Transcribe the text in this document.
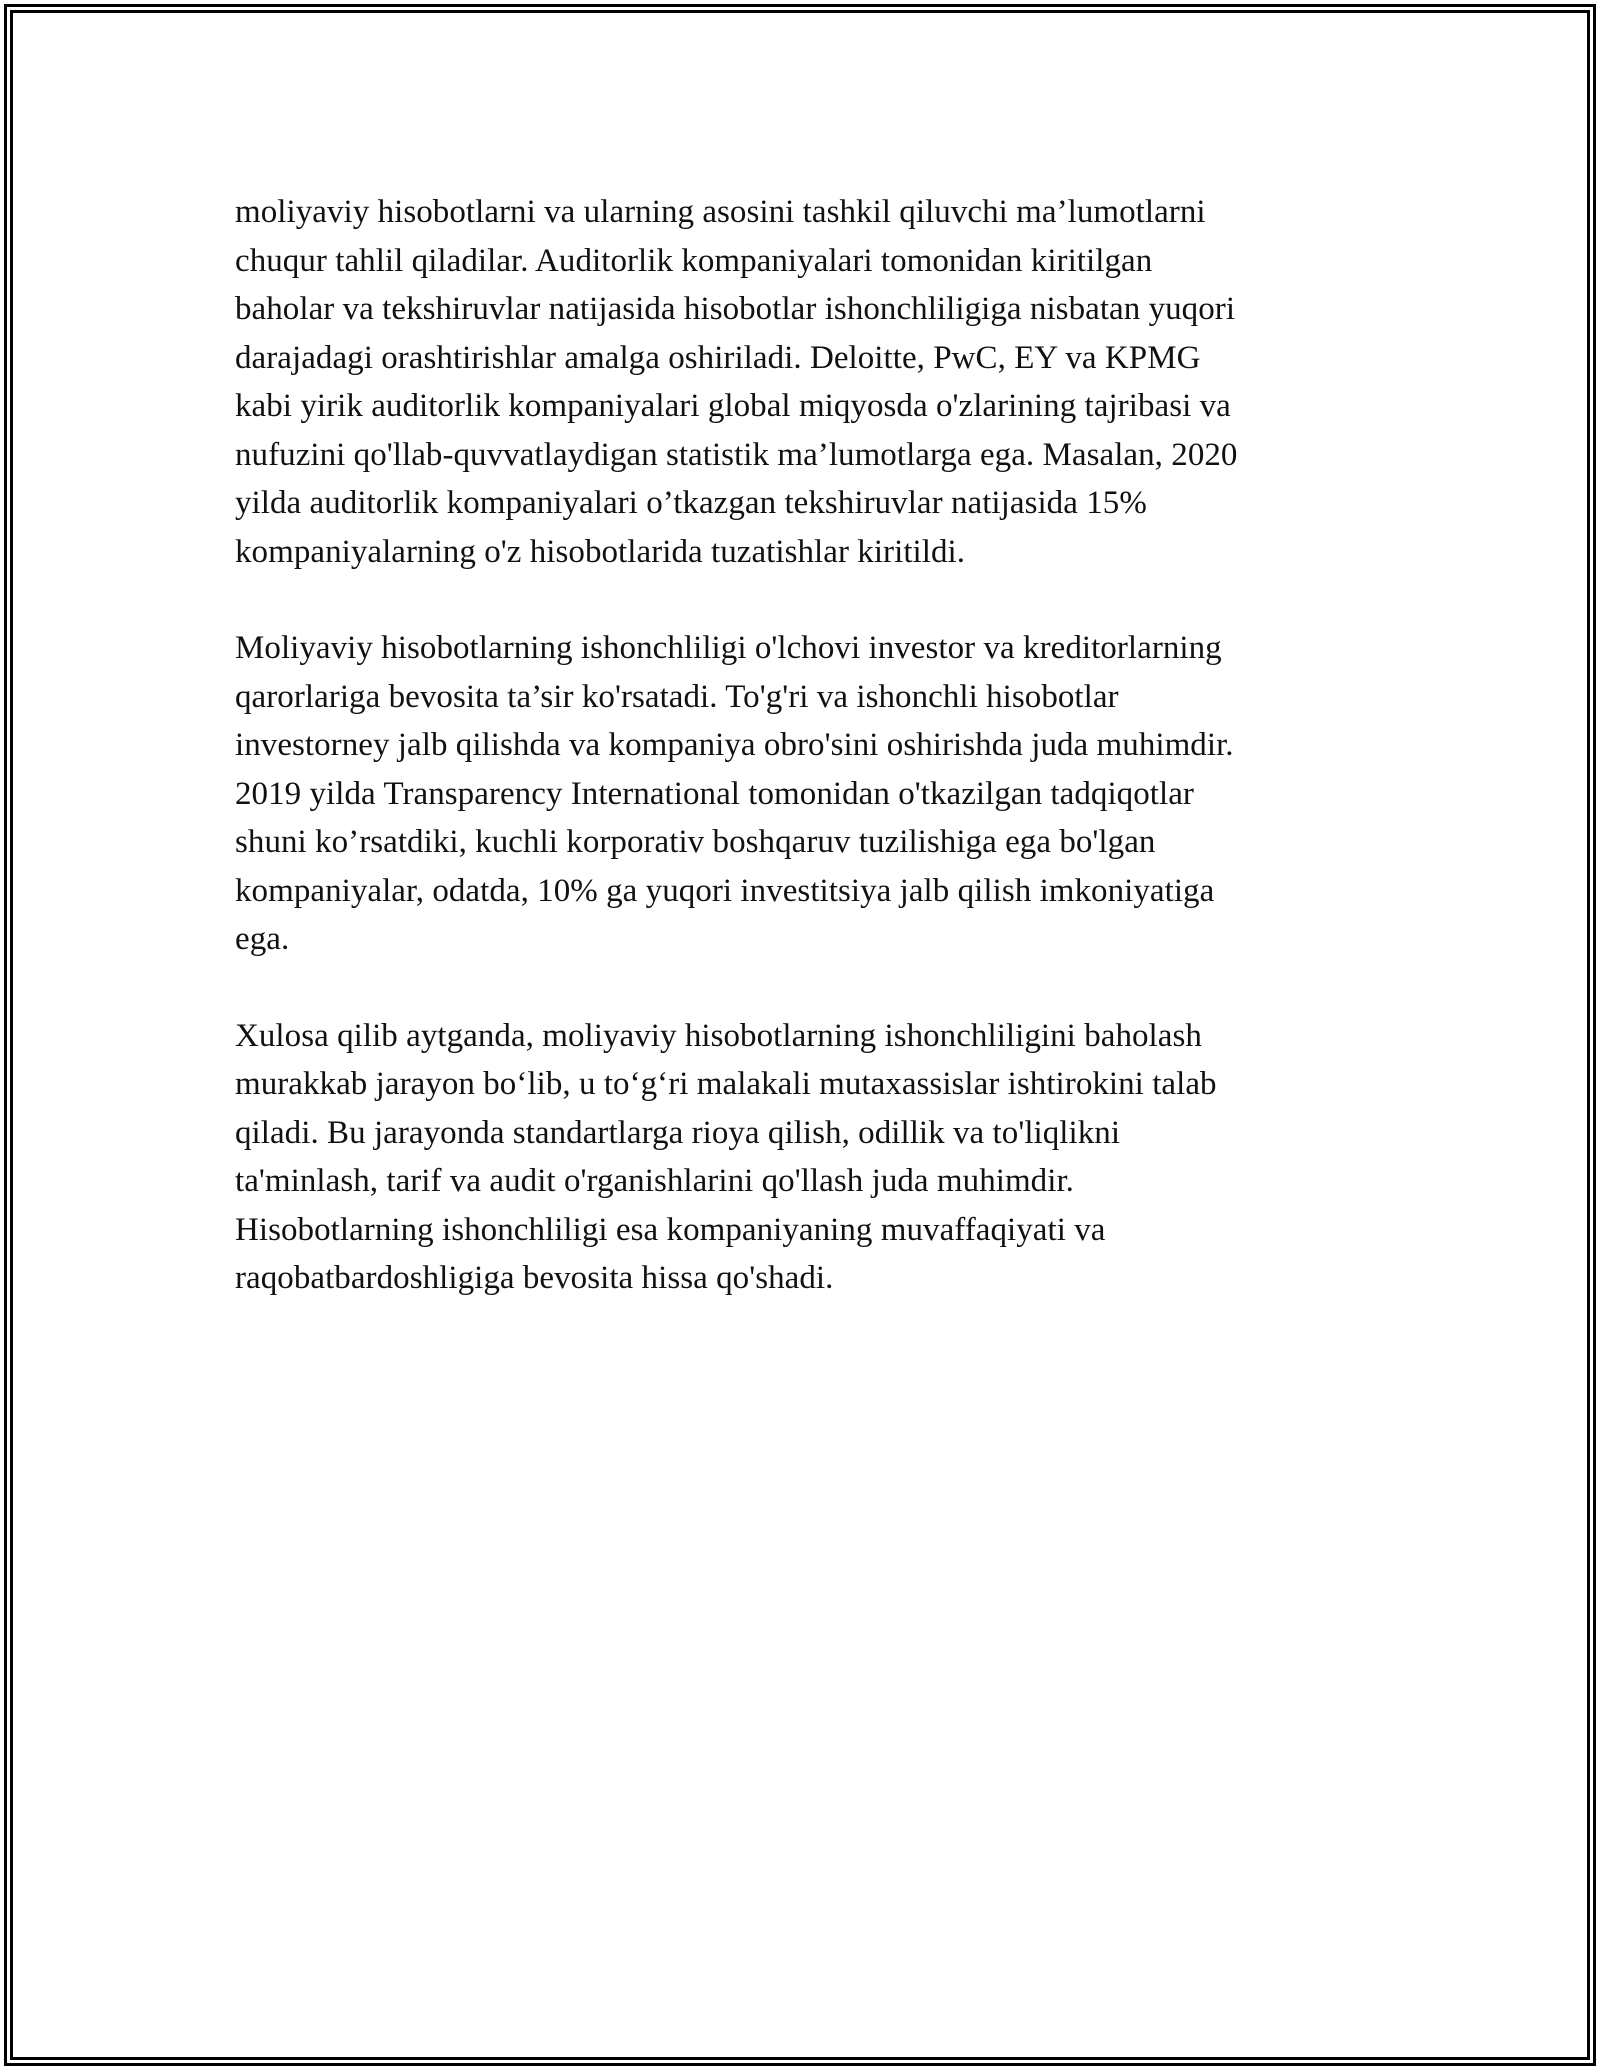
moliyaviy hisobotlarni va ularning asosini tashkil qiluvchi ma’lumotlarni
chuqur tahlil qiladilar. Auditorlik kompaniyalari tomonidan kiritilgan
baholar va tekshiruvlar natijasida hisobotlar ishonchliligiga nisbatan yuqori
darajadagi orashtirishlar amalga oshiriladi. Deloitte, PwC, EY va KPMG
kabi yirik auditorlik kompaniyalari global miqyosda o'zlarining tajribasi va
nufuzini qo'llab-quvvatlaydigan statistik ma’lumotlarga ega. Masalan, 2020
yilda auditorlik kompaniyalari o’tkazgan tekshiruvlar natijasida 15%
kompaniyalarning o'z hisobotlarida tuzatishlar kiritildi.

Moliyaviy hisobotlarning ishonchliligi o'lchovi investor va kreditorlarning
qarorlariga bevosita ta’sir ko'rsatadi. To'g'ri va ishonchli hisobotlar
investorney jalb qilishda va kompaniya obro'sini oshirishda juda muhimdir.
2019 yilda Transparency International tomonidan o'tkazilgan tadqiqotlar
shuni ko’rsatdiki, kuchli korporativ boshqaruv tuzilishiga ega bo'lgan
kompaniyalar, odatda, 10% ga yuqori investitsiya jalb qilish imkoniyatiga
ega.

Xulosa qilib aytganda, moliyaviy hisobotlarning ishonchliligini baholash
murakkab jarayon bo‘lib, u to‘g‘ri malakali mutaxassislar ishtirokini talab
qiladi. Bu jarayonda standartlarga rioya qilish, odillik va to'liqlikni
ta'minlash, tarif va audit o'rganishlarini qo'llash juda muhimdir.
Hisobotlarning ishonchliligi esa kompaniyaning muvaffaqiyati va
raqobatbardoshligiga bevosita hissa qo'shadi.
